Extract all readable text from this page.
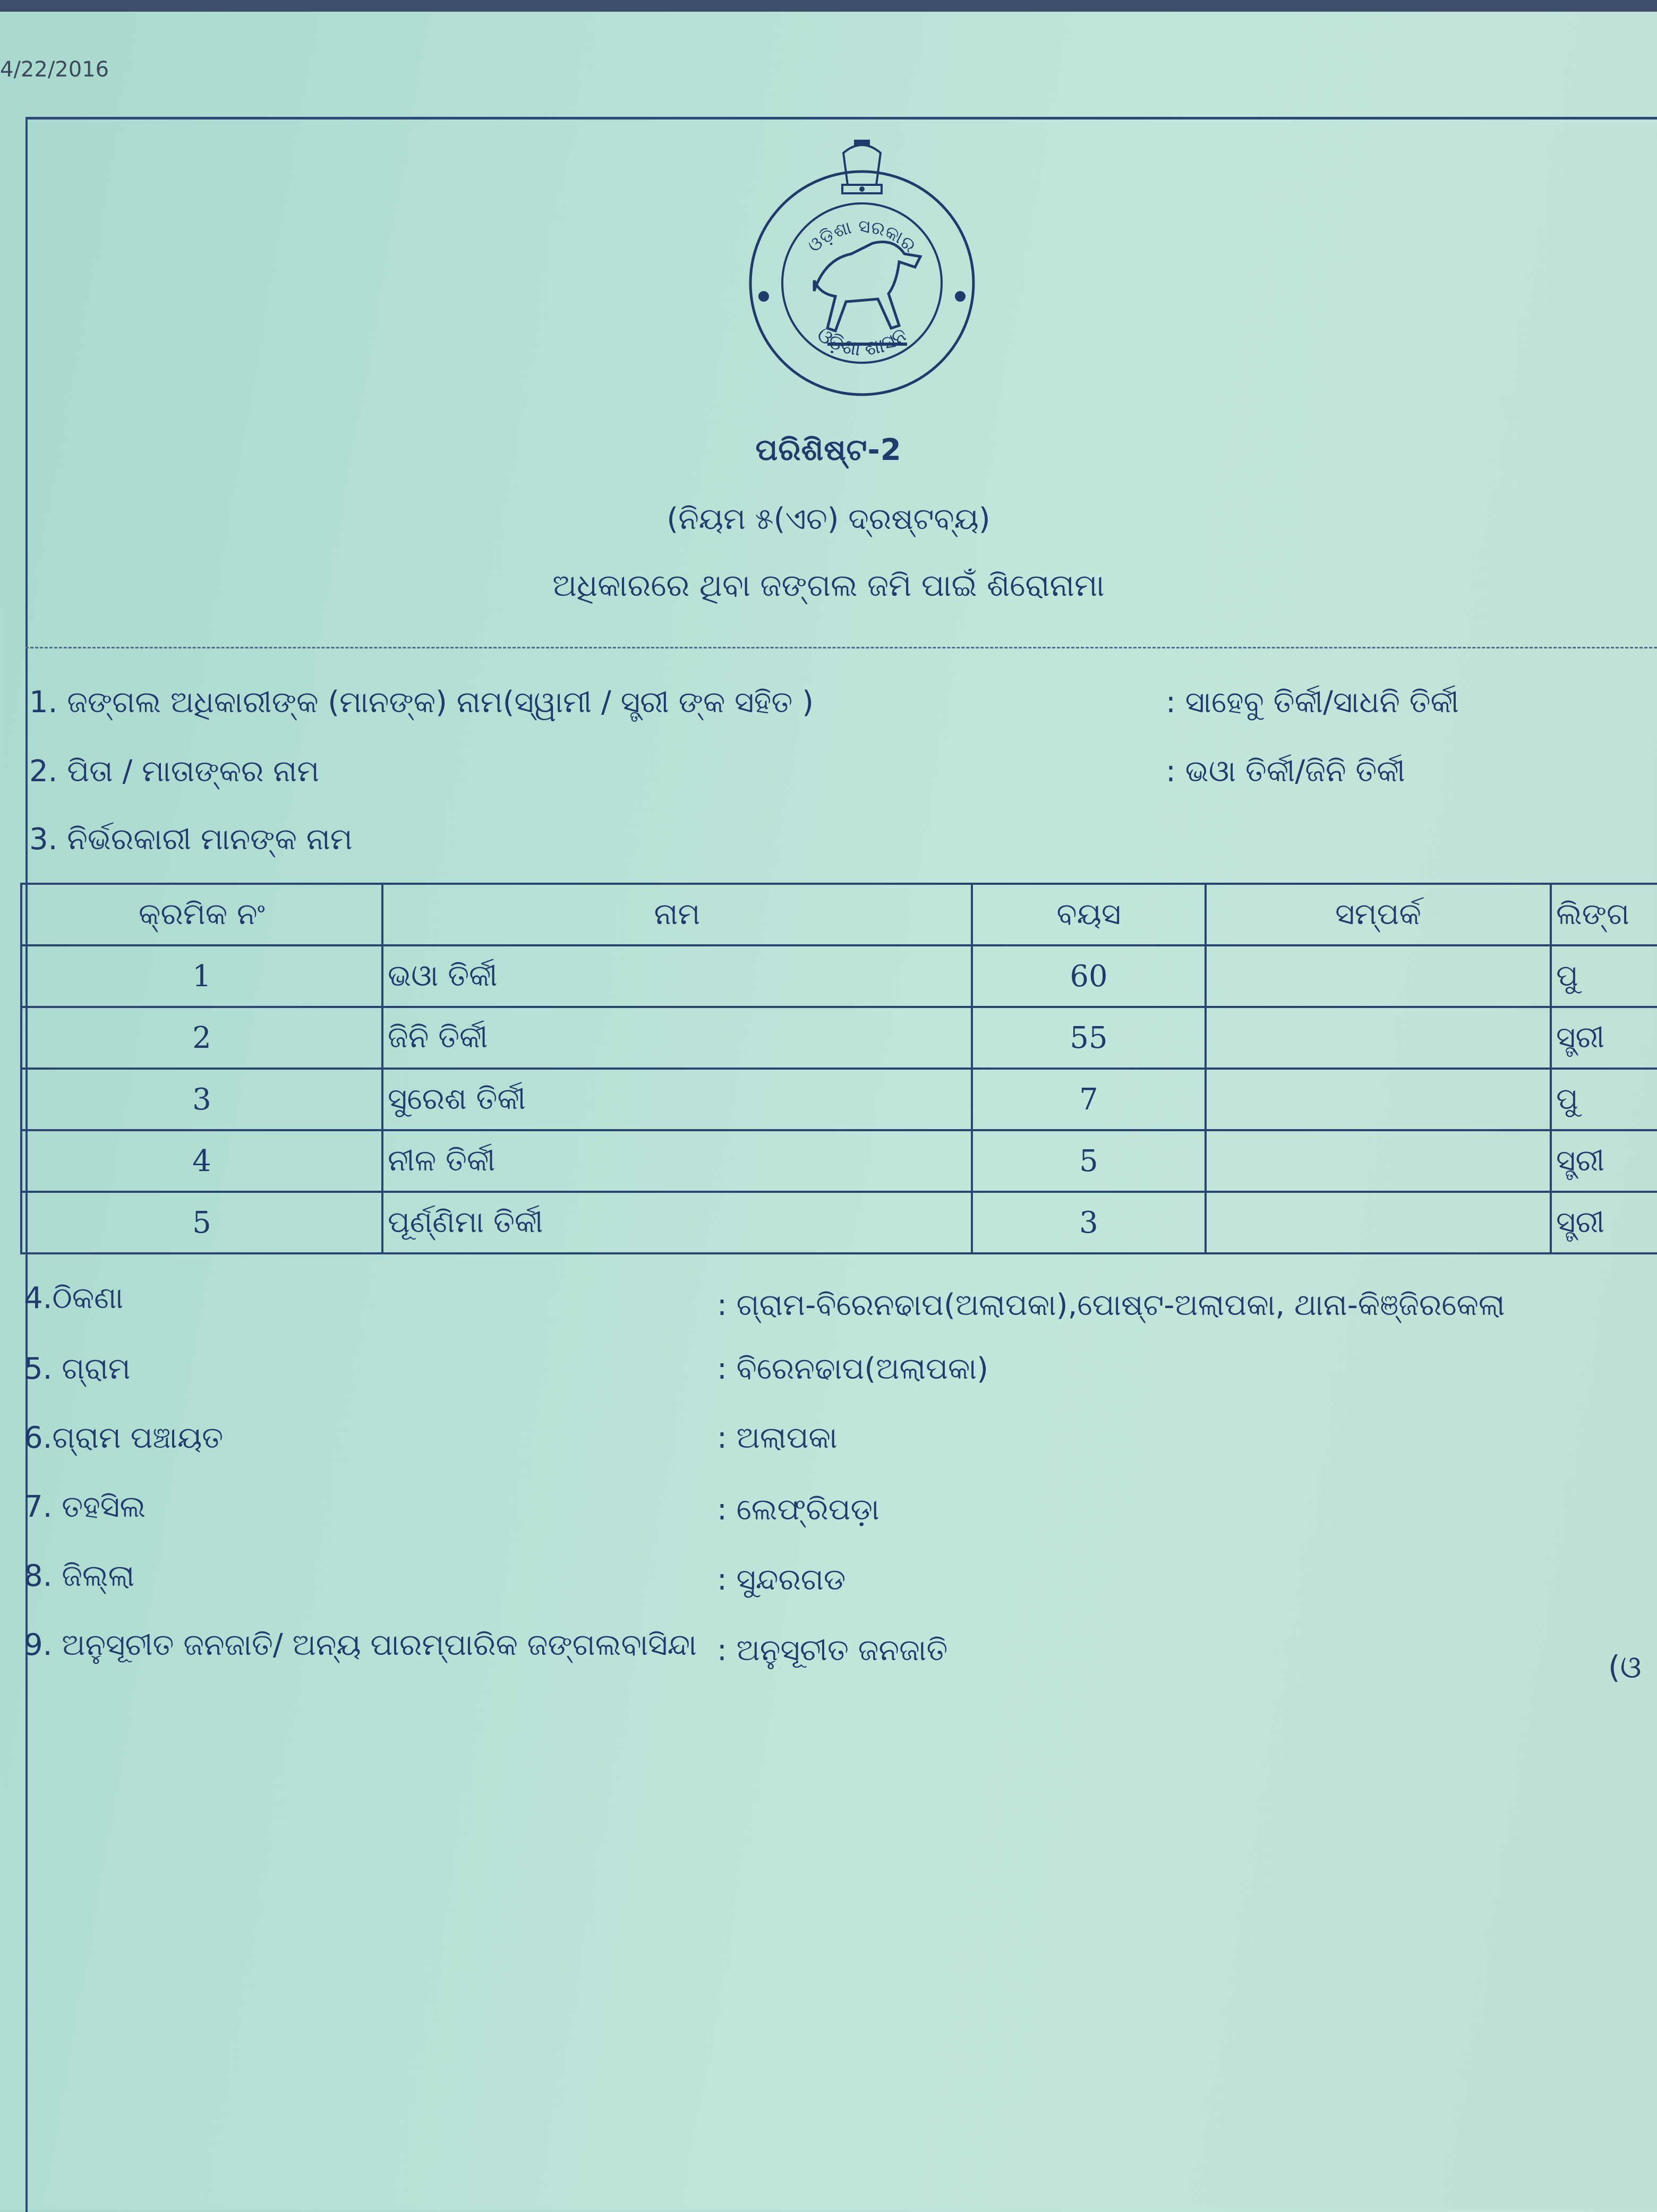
4/22/2016
ଓଡ଼ିଶା ସରକାର
ଓଡ଼ିଶା ଶାସନ
ପରିଶିଷ୍ଟ-2
(ନିୟମ ୫(ଏଚ) ଦ୍ରଷ୍ଟବ୍ୟ)
ଅଧିକାରରେ ଥିବା ଜଙ୍ଗଲ ଜମି ପାଇଁ ଶିରୋନାମା
1. ଜଙ୍ଗଲ ଅଧିକାରୀଙ୍କ (ମାନଙ୍କ) ନାମ(ସ୍ୱାମୀ / ସ୍ତ୍ରୀ ଙ୍କ ସହିତ )	: ସାହେବୁ ତିର୍କୀ/ସାଧନି ତିର୍କୀ
2. ପିତା / ମାତାଙ୍କର ନାମ	: ଭଓା ତିର୍କୀ/ଜିନି ତିର୍କୀ
3. ନିର୍ଭରକାରୀ ମାନଙ୍କ ନାମ
କ୍ରମିକ ନଂ	ନାମ	ବୟସ	ସମ୍ପର୍କ	ଲିଙ୍ଗ
1	ଭଓା ତିର୍କୀ	60		ପୁ
2	ଜିନି ତିର୍କୀ	55		ସ୍ତ୍ରୀ
3	ସୁରେଶ ତିର୍କୀ	7		ପୁ
4	ନୀଳ ତିର୍କୀ	5		ସ୍ତ୍ରୀ
5	ପୂର୍ଣ୍ଣିମା ତିର୍କୀ	3		ସ୍ତ୍ରୀ
4.ଠିକଣା	: ଗ୍ରାମ-ବିରେନଢାପ(ଅଲାପକା),ପୋଷ୍ଟ-ଅଲାପକା, ଥାନା-କିଞ୍ଜିରକେଲା
5. ଗ୍ରାମ	: ବିରେନଢାପ(ଅଲାପକା)
6.ଗ୍ରାମ ପଞ୍ଚାୟତ	: ଅଲାପକା
7. ତହସିଲ	: ଲେଫ୍ରିପଡ଼ା
8. ଜିଲ୍ଲା	: ସୁନ୍ଦରଗଡ
9. ଅନୁସୂଚୀତ ଜନଜାତି/ ଅନ୍ୟ ପାରମ୍ପାରିକ ଜଙ୍ଗଲବାସିନ୍ଦା : ଅନୁସୂଚୀତ ଜନଜାତି	(ଓ
